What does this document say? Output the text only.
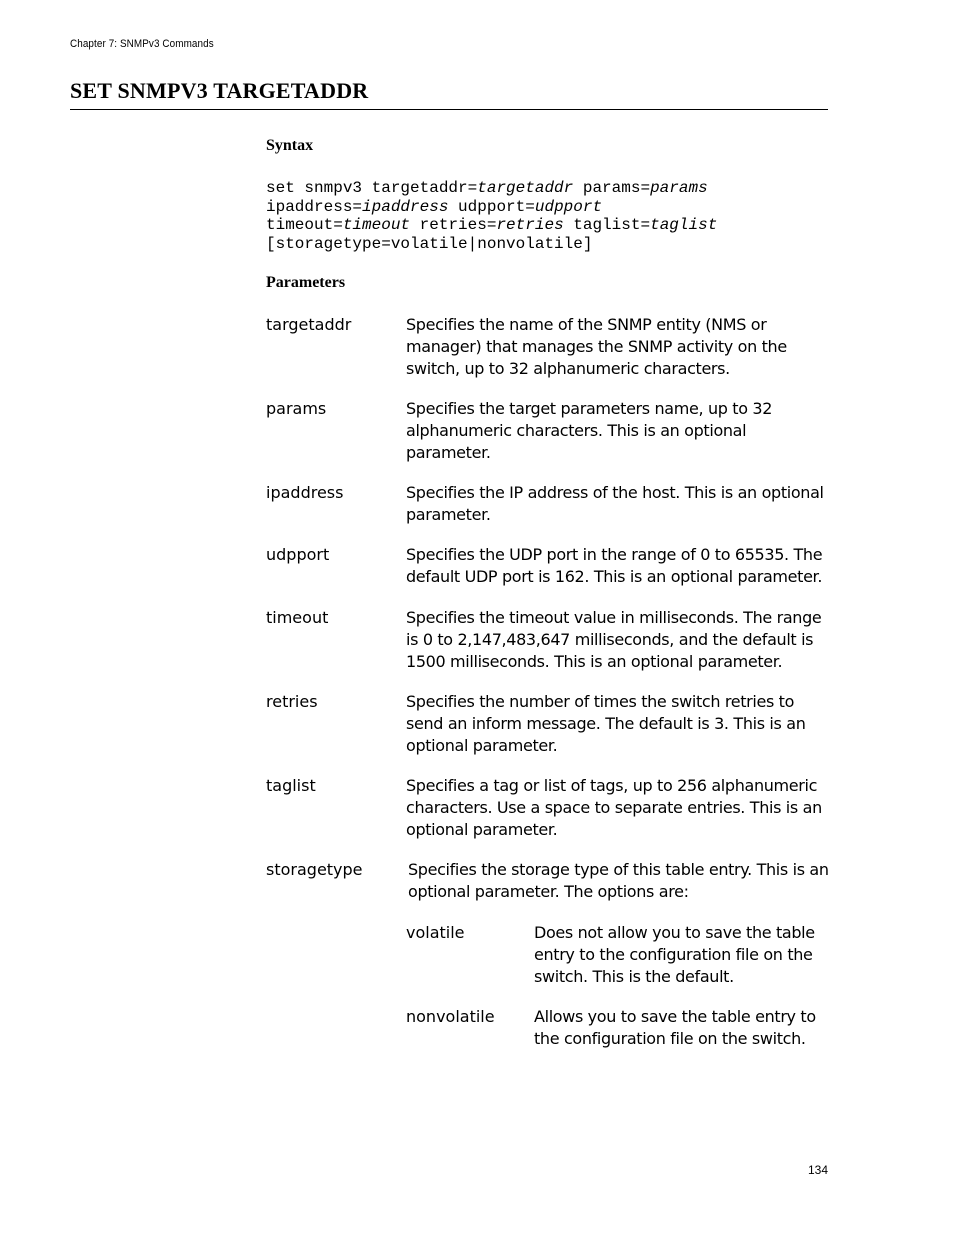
Chapter 7: SNMPv3 Commands
SET SNMPV3 TARGETADDR
Syntax
set snmpv3 targetaddr=targetaddr params=params
ipaddress=ipaddress udpport=udpport
timeout=timeout retries=retries taglist=taglist
[storagetype=volatile|nonvolatile]
Parameters
targetaddr	Specifies the name of the SNMP entity (NMS or manager) that manages the SNMP activity on the switch, up to 32 alphanumeric characters.
params	Specifies the target parameters name, up to 32 alphanumeric characters. This is an optional parameter.
ipaddress	Specifies the IP address of the host. This is an optional parameter.
udpport	Specifies the UDP port in the range of 0 to 65535. The default UDP port is 162. This is an optional parameter.
timeout	Specifies the timeout value in milliseconds. The range is 0 to 2,147,483,647 milliseconds, and the default is 1500 milliseconds. This is an optional parameter.
retries	Specifies the number of times the switch retries to send an inform message. The default is 3. This is an optional parameter.
taglist	Specifies a tag or list of tags, up to 256 alphanumeric characters. Use a space to separate entries. This is an optional parameter.
storagetype	Specifies the storage type of this table entry. This is an optional parameter. The options are:
volatile	Does not allow you to save the table entry to the configuration file on the switch. This is the default.
nonvolatile Allows you to save the table entry to the configuration file on the switch.
134
